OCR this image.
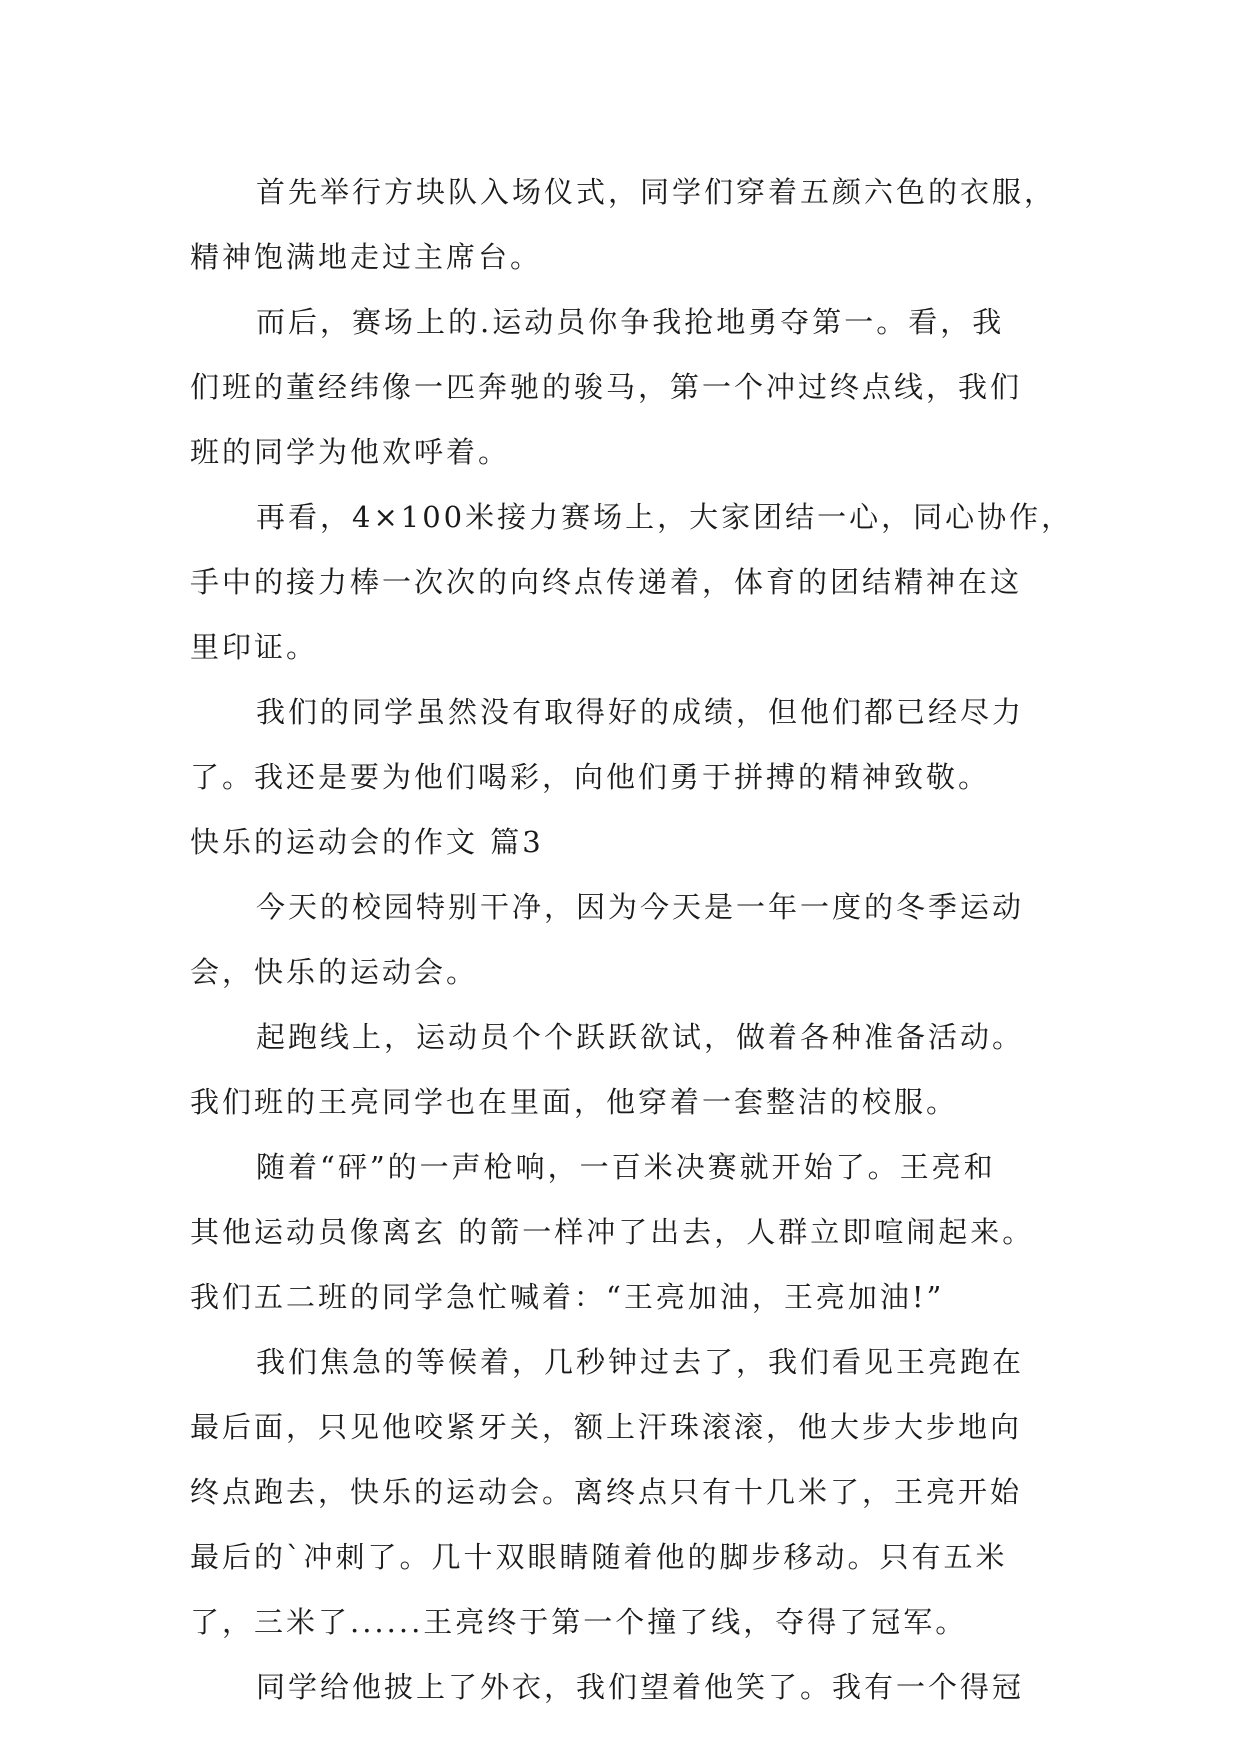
首先举行方块队入场仪式，同学们穿着五颜六色的衣服，
精神饱满地走过主席台。
而后，赛场上的.运动员你争我抢地勇夺第一。看，我
们班的董经纬像一匹奔驰的骏马，第一个冲过终点线，我们
班的同学为他欢呼着。
再看，4×100米接力赛场上，大家团结一心，同心协作，
手中的接力棒一次次的向终点传递着，体育的团结精神在这
里印证。
我们的同学虽然没有取得好的成绩，但他们都已经尽力
了。我还是要为他们喝彩，向他们勇于拼搏的精神致敬。
快乐的运动会的作文 篇3
今天的校园特别干净，因为今天是一年一度的冬季运动
会，快乐的运动会。
起跑线上，运动员个个跃跃欲试，做着各种准备活动。
我们班的王亮同学也在里面，他穿着一套整洁的校服。
随着“砰”的一声枪响，一百米决赛就开始了。王亮和
其他运动员像离玄 的箭一样冲了出去，人群立即喧闹起来。
我们五二班的同学急忙喊着：“王亮加油，王亮加油!”
我们焦急的等候着，几秒钟过去了，我们看见王亮跑在
最后面，只见他咬紧牙关，额上汗珠滚滚，他大步大步地向
终点跑去，快乐的运动会。离终点只有十几米了，王亮开始
最后的`冲刺了。几十双眼睛随着他的脚步移动。只有五米
了，三米了......王亮终于第一个撞了线，夺得了冠军。
同学给他披上了外衣，我们望着他笑了。我有一个得冠
